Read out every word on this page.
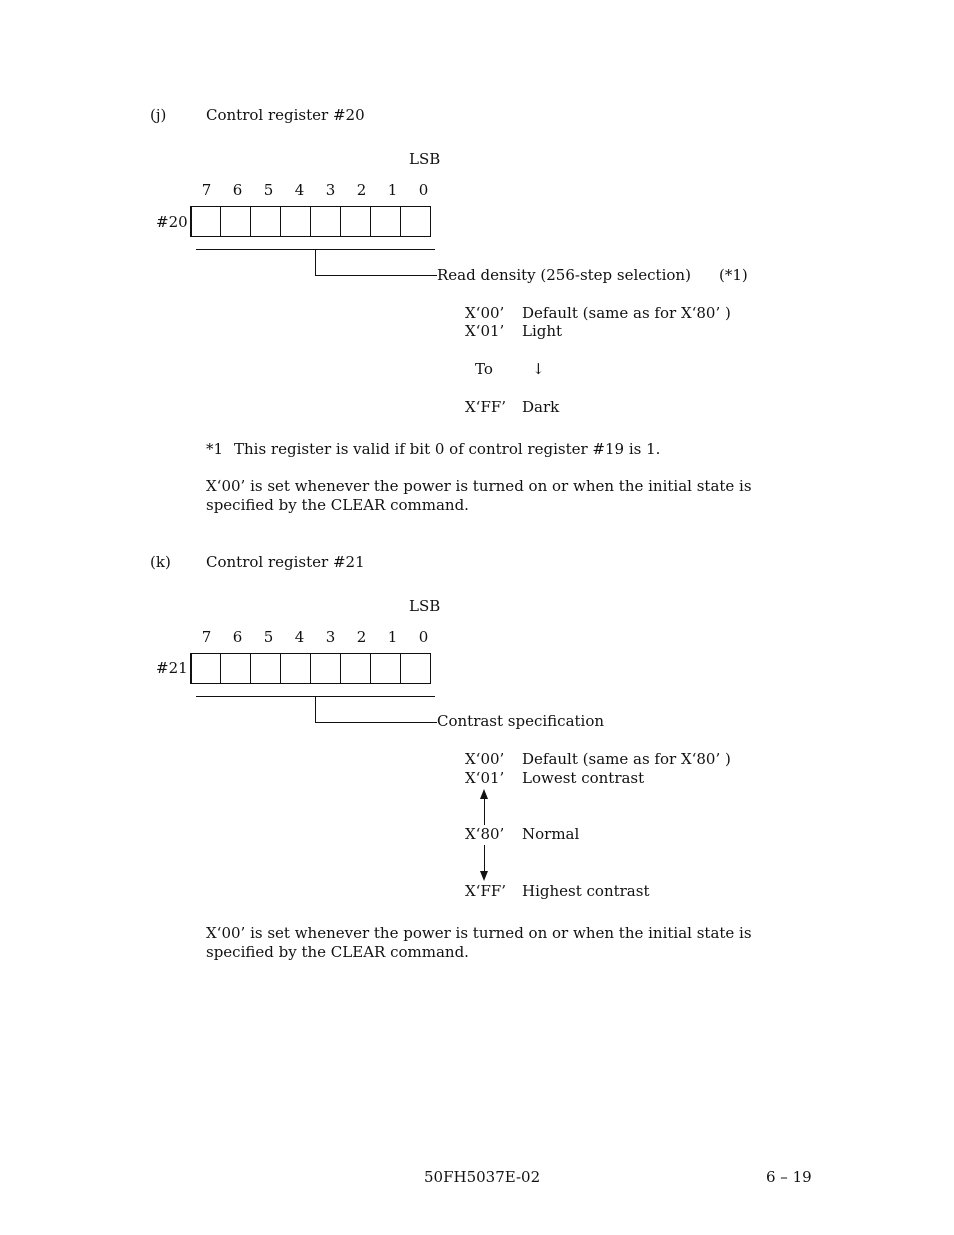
(j)	Control register #20
LSB
7	6	5	4	3	2	1	0
#20
Read density (256-step selection) (*1)
X‘00’ Default (same as for X‘80’ )
X‘01’ Light
To	↓
X‘FF’ Dark
*1 This register is valid if bit 0 of control register #19 is 1.
X‘00’ is set whenever the power is turned on or when the initial state is specified by the CLEAR command.
(k) Control register #21
LSB
7	6	5	4	3	2	1	0
#21
Contrast specification
X‘00’ Default (same as for X‘80’ )
X‘01’ Lowest contrast
X‘80’ Normal
X‘FF’ Highest contrast
X‘00’ is set whenever the power is turned on or when the initial state is specified by the CLEAR command.
50FH5037E-02	6 – 19
